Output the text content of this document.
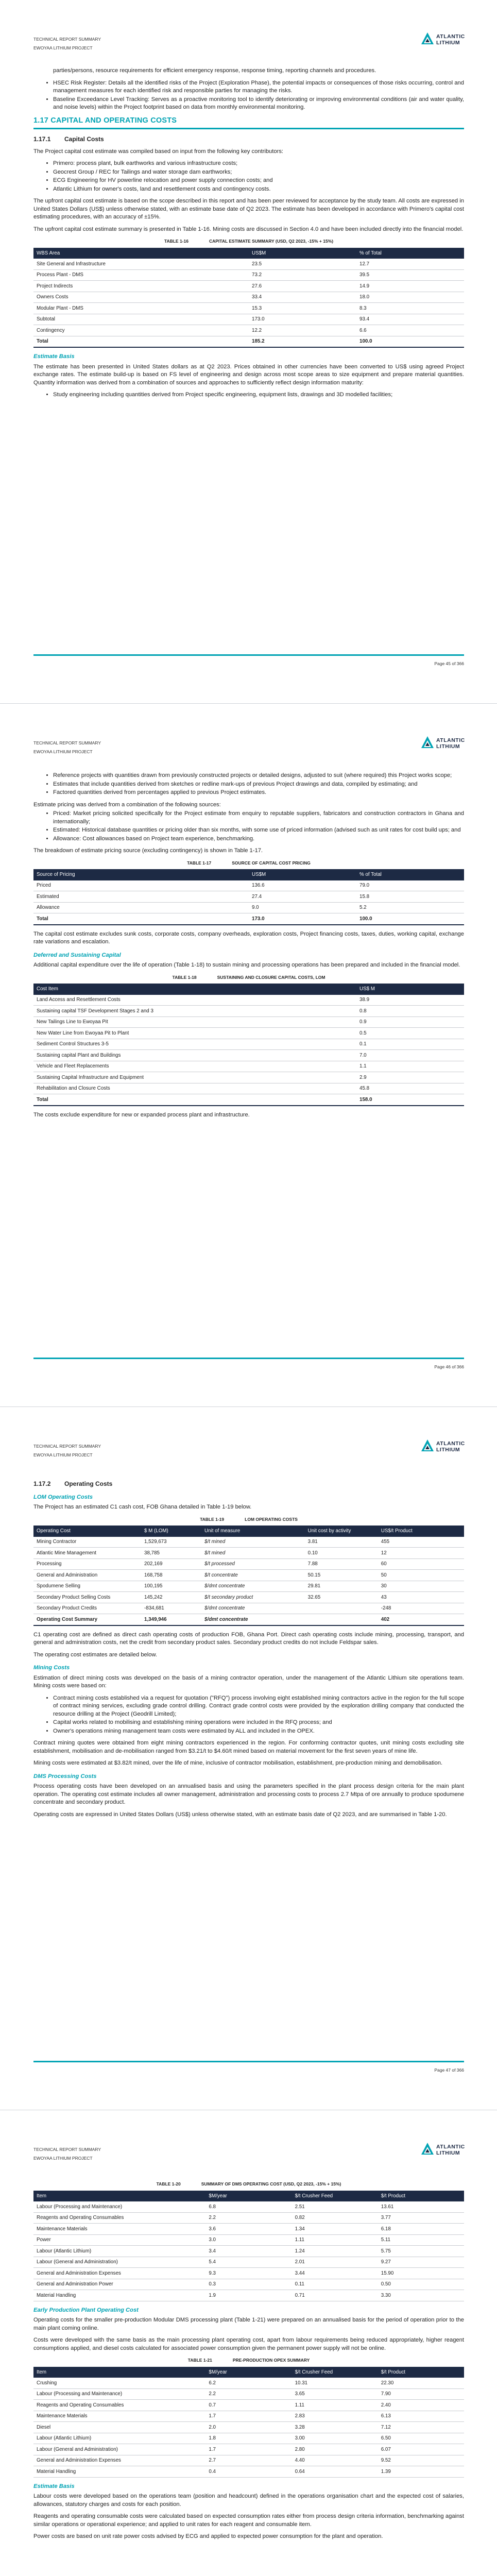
TECHNICAL REPORT SUMMARY
EWOYAA LITHIUM PROJECT
ATLANTIC
LITHIUM

parties/persons, resource requirements for efficient emergency response, response timing, reporting channels and procedures.

• HSEC Risk Register: Details all the identified risks of the Project (Exploration Phase), the potential impacts or consequences of those risks occurring, control and management measures for each identified risk and responsible parties for managing the risks.
• Baseline Exceedance Level Tracking: Serves as a proactive monitoring tool to identify deteriorating or improving environmental conditions (air and water quality, and noise levels) within the Project footprint based on data from monthly environmental monitoring.
1.17 CAPITAL AND OPERATING COSTS
1.17.1 Capital Costs

The Project capital cost estimate was compiled based on input from the following key contributors:

• Primero: process plant, bulk earthworks and various infrastructure costs;
• Geocrest Group / REC for Tailings and water storage dam earthworks;
• ECG Engineering for HV powerline relocation and power supply connection costs; and
• Atlantic Lithium for owner's costs, land and resettlement costs and contingency costs.

The upfront capital cost estimate is based on the scope described in this report and has been peer reviewed for acceptance by the study team. All costs are expressed in United States Dollars (US$) unless otherwise stated, with an estimate base date of Q2 2023. The estimate has been developed in accordance with Primero's capital cost estimating procedures, with an accuracy of ±15%.

The upfront capital cost estimate summary is presented in Table 1-16. Mining costs are discussed in Section 4.0 and have been included directly into the financial model.

TABLE 1-16	CAPITAL ESTIMATE SUMMARY (USD, Q2 2023, -15% + 15%)
WBS Area	US$M	% of Total
Site General and Infrastructure	23.5	12.7
Process Plant - DMS	73.2	39.5
Project Indirects	27.6	14.9
Owners Costs	33.4	18.0
Modular Plant - DMS	15.3	8.3
Subtotal	173.0	93.4
Contingency	12.2	6.6
Total	185.2	100.0
Estimate Basis

The estimate has been presented in United States dollars as at Q2 2023. Prices obtained in other currencies have been converted to US$ using agreed Project exchange rates. The estimate build-up is based on FS level of engineering and design across most scope areas to size equipment and prepare material quantities. Quantity information was derived from a combination of sources and approaches to sufficiently reflect design information maturity:

• Study engineering including quantities derived from Project specific engineering, equipment lists, drawings and 3D modelled facilities;
Page 45 of 366
TECHNICAL REPORT SUMMARY
EWOYAA LITHIUM PROJECT
ATLANTIC
LITHIUM
• Reference projects with quantities drawn from previously constructed projects or detailed designs, adjusted to suit (where required) this Project works scope;
• Estimates that include quantities derived from sketches or redline mark-ups of previous Project drawings and data, compiled by estimating; and
• Factored quantities derived from percentages applied to previous Project estimates.

Estimate pricing was derived from a combination of the following sources:

• Priced: Market pricing solicited specifically for the Project estimate from enquiry to reputable suppliers, fabricators and construction contractors in Ghana and internationally;
• Estimated: Historical database quantities or pricing older than six months, with some use of priced information (advised such as unit rates for cost build ups; and
• Allowance: Cost allowances based on Project team experience, benchmarking.

The breakdown of estimate pricing source (excluding contingency) is shown in Table 1-17.

TABLE 1-17	SOURCE OF CAPITAL COST PRICING
Source of Pricing	US$M	% of Total
Priced	136.6	79.0
Estimated	27.4	15.8
Allowance	9.0	5.2
Total	173.0	100.0

The capital cost estimate excludes sunk costs, corporate costs, company overheads, exploration costs, Project financing costs, taxes, duties, working capital, exchange rate variations and escalation.

Deferred and Sustaining Capital

Additional capital expenditure over the life of operation (Table 1-18) to sustain mining and processing operations has been prepared and included in the financial model.

TABLE 1-18	SUSTAINING AND CLOSURE CAPITAL COSTS, LOM
Cost Item	US$ M
Land Access and Resettlement Costs	38.9
Sustaining capital TSF Development Stages 2 and 3	0.8
New Tailings Line to Ewoyaa Pit	0.9
New Water Line from Ewoyaa Pit to Plant	0.5
Sediment Control Structures 3-5	0.1
Sustaining capital Plant and Buildings	7.0
Vehicle and Fleet Replacements	1.1
Sustaining Capital Infrastructure and Equipment	2.9
Rehabilitation and Closure Costs	45.8
Total	158.0

The costs exclude expenditure for new or expanded process plant and infrastructure.

Page 46 of 366
TECHNICAL REPORT SUMMARY
EWOYAA LITHIUM PROJECT
ATLANTIC
LITHIUM
1.17.2 Operating Costs
LOM Operating Costs

The Project has an estimated C1 cash cost, FOB Ghana detailed in Table 1-19 below.

TABLE 1-19	LOM OPERATING COSTS
Operating Cost	$ M (LOM)	Unit of measure	Unit cost by activity	US$/t Product
Mining Contractor	1,529,673	$/t mined	3.81	455
Atlantic Mine Management	38,785	$/t mined	0.10	12
Processing	202,169	$/t processed	7.88	60
General and Administration	168,758	$/t concentrate	50.15	50
Spodumene Selling	100,195	$/dmt concentrate	29.81	30
Secondary Product Selling Costs	145,242	$/t secondary product	32.65	43
Secondary Product Credits	-834,681	$/dmt concentrate		-248
Operating Cost Summary	1,349,946	$/dmt concentrate		402

C1 operating cost are defined as direct cash operating costs of production FOB, Ghana Port. Direct cash operating costs include mining, processing, transport, and general and administration costs, net the credit from secondary product sales. Secondary product credits do not include Feldspar sales.

The operating cost estimates are detailed below.

Mining Costs

Estimation of direct mining costs was developed on the basis of a mining contractor operation, under the management of the Atlantic Lithium site operations team. Mining costs were based on:

• Contract mining costs established via a request for quotation ("RFQ") process involving eight established mining contractors active in the region for the full scope of contract mining services, excluding grade control drilling. Contract grade control costs were provided by the exploration drilling company that conducted the resource drilling at the Project (Geodrill Limited);
• Capital works related to mobilising and establishing mining operations were included in the RFQ process; and
• Owner's operations mining management team costs were estimated by ALL and included in the OPEX.

Contract mining quotes were obtained from eight mining contractors experienced in the region. For conforming contractor quotes, unit mining costs excluding site establishment, mobilisation and de-mobilisation ranged from $3.21/t to $4.60/t mined based on material movement for the first seven years of mine life.

Mining costs were estimated at $3.82/t mined, over the life of mine, inclusive of contractor mobilisation, establishment, pre-production mining and demobilisation.

DMS Processing Costs

Process operating costs have been developed on an annualised basis and using the parameters specified in the plant process design criteria for the main plant operation. The operating cost estimate includes all owner management, administration and processing costs to process 2.7 Mtpa of ore annually to produce spodumene concentrate and secondary product.

Operating costs are expressed in United States Dollars (US$) unless otherwise stated, with an estimate basis date of Q2 2023, and are summarised in Table 1-20.

Page 47 of 366
TECHNICAL REPORT SUMMARY
EWOYAA LITHIUM PROJECT
ATLANTIC
LITHIUM
TABLE 1-20	SUMMARY OF DMS OPERATING COST (USD, Q2 2023, -15% + 15%)
Item	$M/year	$/t Crusher Feed	$/t Product
Labour (Processing and Maintenance)	6.8	2.51	13.61
Reagents and Operating Consumables	2.2	0.82	3.77
Maintenance Materials	3.6	1.34	6.18
Power	3.0	1.11	5.11
Labour (Atlantic Lithium)	3.4	1.24	5.75
Labour (General and Administration)	5.4	2.01	9.27
General and Administration Expenses	9.3	3.44	15.90
General and Administration Power	0.3	0.11	0.50
Material Handling	1.9	0.71	3.30
Early Production Plant Operating Cost

Operating costs for the smaller pre-production Modular DMS processing plant (Table 1-21) were prepared on an annualised basis for the period of operation prior to the main plant coming online.

Costs were developed with the same basis as the main processing plant operating cost, apart from labour requirements being reduced appropriately, higher reagent consumptions applied, and diesel costs calculated for associated power consumption given the permanent power supply will not be online.

TABLE 1-21	PRE-PRODUCTION OPEX SUMMARY
Item	$M/year	$/t Crusher Feed	$/t Product
Crushing	6.2	10.31	22.30
Labour (Processing and Maintenance)	2.2	3.65	7.90
Reagents and Operating Consumables	0.7	1.11	2.40
Maintenance Materials	1.7	2.83	6.13
Diesel	2.0	3.28	7.12
Labour (Atlantic Lithium)	1.8	3.00	6.50
Labour (General and Administration)	1.7	2.80	6.07
General and Administration Expenses	2.7	4.40	9.52
Material Handling	0.4	0.64	1.39
Estimate Basis

Labour costs were developed based on the operations team (position and headcount) defined in the operations organisation chart and the expected cost of salaries, allowances, statutory charges and costs for each position.

Reagents and operating consumable costs were calculated based on expected consumption rates either from process design criteria information, benchmarking against similar operations or operational experience; and applied to unit rates for each reagent and consumable item.

Power costs are based on unit rate power costs advised by ECG and applied to expected power consumption for the plant and operation.
